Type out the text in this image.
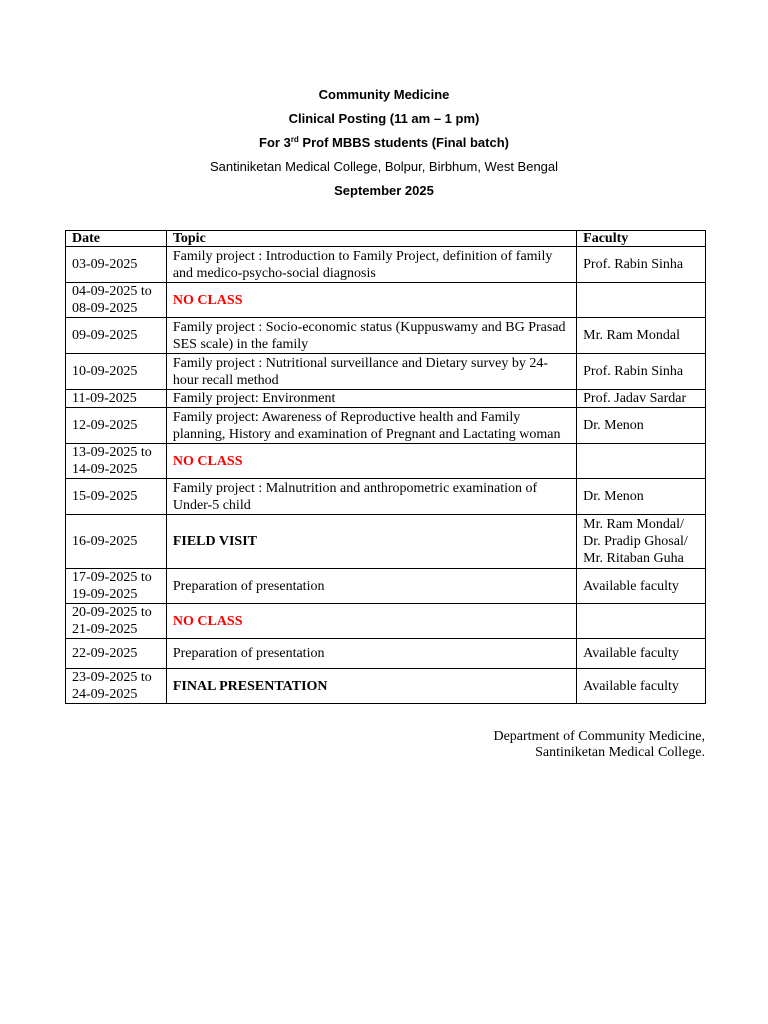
Community Medicine
Clinical Posting (11 am – 1 pm)
For 3rd Prof MBBS students (Final batch)
Santiniketan Medical College, Bolpur, Birbhum, West Bengal
September 2025
Date	Topic	Faculty
03-09-2025	Family project : Introduction to Family Project, definition of family and medico-psycho-social diagnosis	Prof. Rabin Sinha
04-09-2025 to 08-09-2025	NO CLASS	
09-09-2025	Family project : Socio-economic status (Kuppuswamy and BG Prasad SES scale) in the family	Mr. Ram Mondal
10-09-2025	Family project : Nutritional surveillance and Dietary survey by 24-hour recall method	Prof. Rabin Sinha
11-09-2025	Family project: Environment	Prof. Jadav Sardar
12-09-2025	Family project: Awareness of Reproductive health and Family planning, History and examination of Pregnant and Lactating woman	Dr. Menon
13-09-2025 to 14-09-2025	NO CLASS	
15-09-2025	Family project : Malnutrition and anthropometric examination of Under-5 child	Dr. Menon
16-09-2025	FIELD VISIT	Mr. Ram Mondal/ Dr. Pradip Ghosal/ Mr. Ritaban Guha
17-09-2025 to 19-09-2025	Preparation of presentation	Available faculty
20-09-2025 to 21-09-2025	NO CLASS	
22-09-2025	Preparation of presentation	Available faculty
23-09-2025 to 24-09-2025	FINAL PRESENTATION	Available faculty
Department of Community Medicine,
Santiniketan Medical College.
